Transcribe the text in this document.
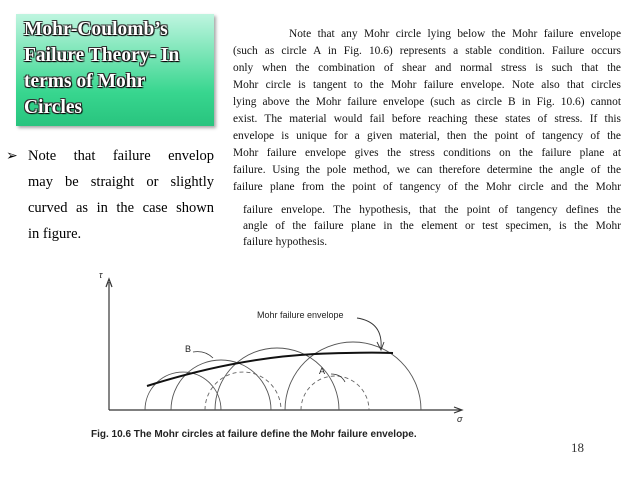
Mohr-Coulomb’s
Failure Theory- In
terms of Mohr
Circles
➢ Note that failure envelop
may be straight or slightly
curved as in the case shown
in figure.
Note that any Mohr circle lying below the Mohr failure envelope
(such as circle A in Fig. 10.6) represents a stable condition. Failure occurs
only when the combination of shear and normal stress is such that the
Mohr circle is tangent to the Mohr failure envelope. Note also that circles
lying above the Mohr failure envelope (such as circle B in Fig. 10.6) cannot
exist. The material would fail before reaching these states of stress. If this
envelope is unique for a given material, then the point of tangency of the
Mohr failure envelope gives the stress conditions on the failure plane at
failure. Using the pole method, we can therefore determine the angle of the
failure plane from the point of tangency of the Mohr circle and the Mohr
failure envelope. The hypothesis, that the point of tangency defines the
angle of the failure plane in the element or test specimen, is the Mohr
failure hypothesis.
τ
σ
Mohr failure envelope
B
A
Fig. 10.6 The Mohr circles at failure define the Mohr failure envelope.
18
